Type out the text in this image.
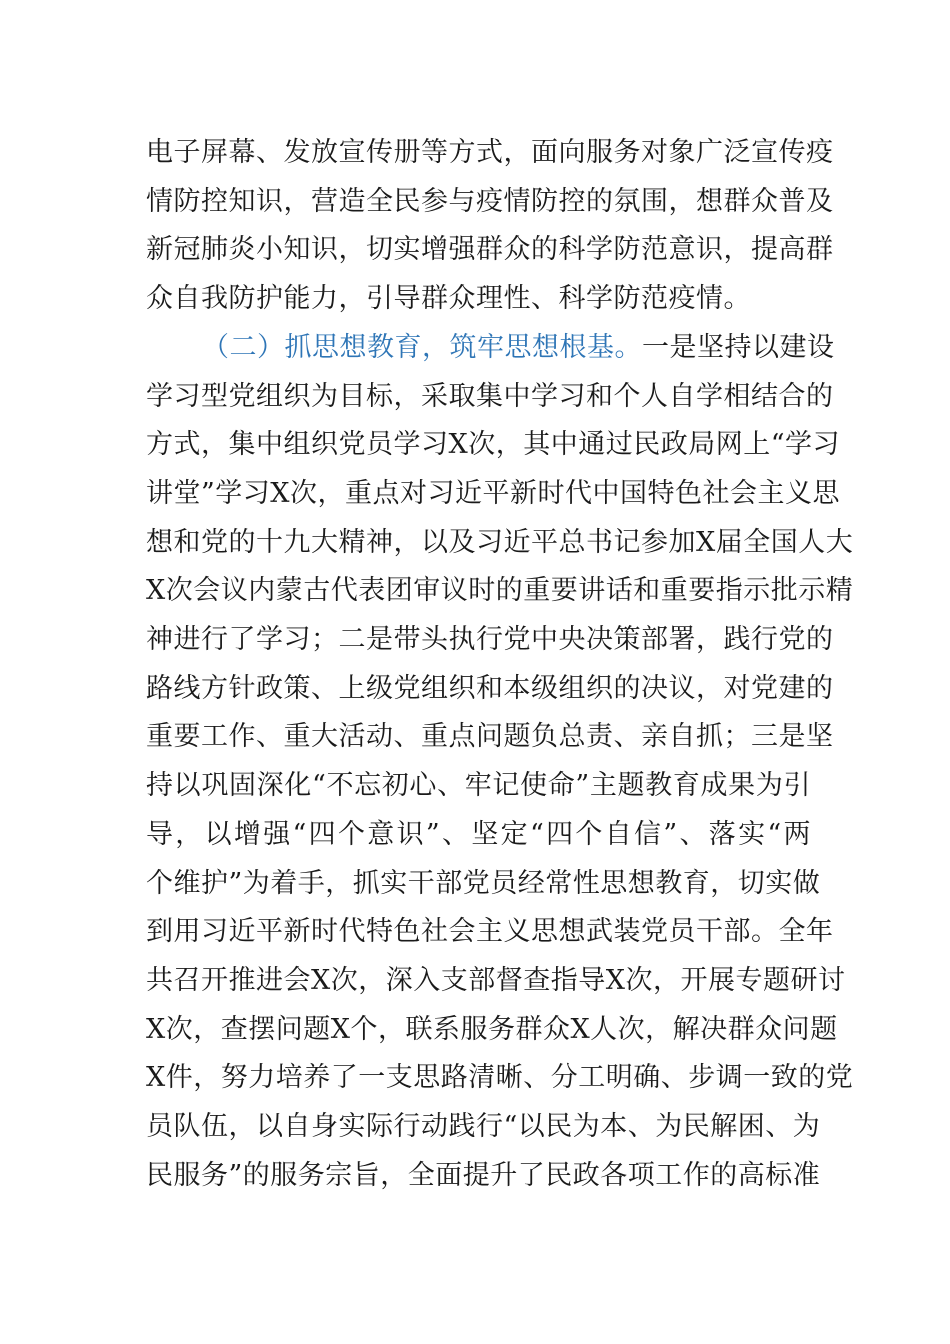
电子屏幕、发放宣传册等方式，面向服务对象广泛宣传疫
情防控知识，营造全民参与疫情防控的氛围，想群众普及
新冠肺炎小知识，切实增强群众的科学防范意识，提高群
众自我防护能力，引导群众理性、科学防范疫情。
（二）抓思想教育，筑牢思想根基。一是坚持以建设
学习型党组织为目标，采取集中学习和个人自学相结合的
方式，集中组织党员学习X次，其中通过民政局网上“学习
讲堂”学习X次，重点对习近平新时代中国特色社会主义思
想和党的十九大精神，以及习近平总书记参加X届全国人大
X次会议内蒙古代表团审议时的重要讲话和重要指示批示精
神进行了学习；二是带头执行党中央决策部署，践行党的
路线方针政策、上级党组织和本级组织的决议，对党建的
重要工作、重大活动、重点问题负总责、亲自抓；三是坚
持以巩固深化“不忘初心、牢记使命”主题教育成果为引
导，以增强“四个意识”、坚定“四个自信”、落实“两
个维护”为着手，抓实干部党员经常性思想教育，切实做
到用习近平新时代特色社会主义思想武装党员干部。全年
共召开推进会X次，深入支部督查指导X次，开展专题研讨
X次，查摆问题X个，联系服务群众X人次，解决群众问题
X件，努力培养了一支思路清晰、分工明确、步调一致的党
员队伍，以自身实际行动践行“以民为本、为民解困、为
民服务”的服务宗旨，全面提升了民政各项工作的高标准
